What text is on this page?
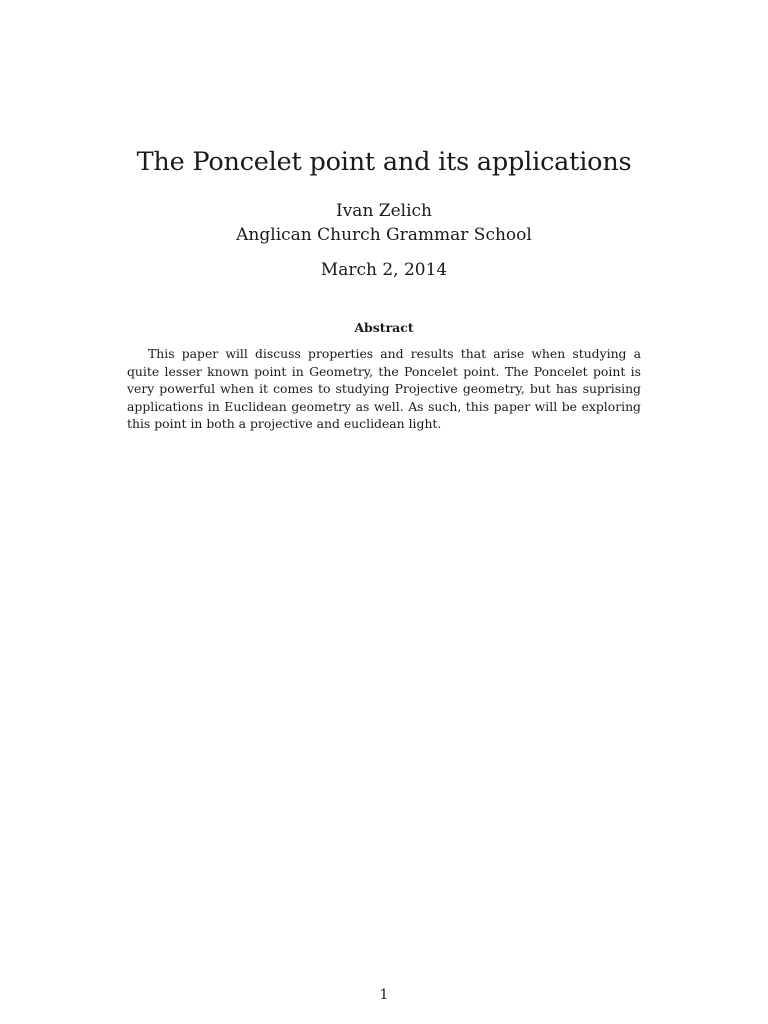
The Poncelet point and its applications

Ivan Zelich

Anglican Church Grammar School

March 2, 2014

Abstract

This paper will discuss properties and results that arise when studying a quite lesser known point in Geometry, the Poncelet point. The Poncelet point is very powerful when it comes to studying Projective geometry, but has suprising applications in Euclidean geometry as well. As such, this paper will be exploring this point in both a projective and euclidean light.

1
